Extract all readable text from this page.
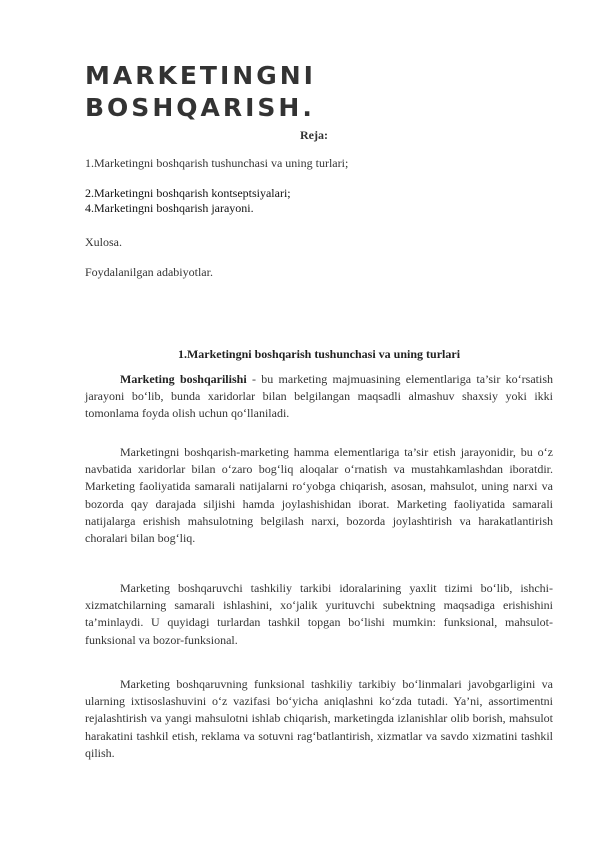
MARKETINGNI BOSHQARISH.
Reja:
1.Marketingni boshqarish tushunchasi va uning turlari;
2.Marketingni boshqarish kontseptsiyalari;
4.Marketingni boshqarish jarayoni.
Xulosa.
Foydalanilgan adabiyotlar.
1.Marketingni boshqarish tushunchasi va uning turlari

Marketing boshqarilishi - bu marketing majmuasining elementlariga ta’sir ko‘rsatish jarayoni bo‘lib, bunda xaridorlar bilan belgilangan maqsadli almashuv shaxsiy yoki ikki tomonlama foyda olish uchun qo‘llaniladi.

Marketingni boshqarish-marketing hamma elementlariga ta’sir etish jarayonidir, bu o‘z navbatida xaridorlar bilan o‘zaro bog‘liq aloqalar o‘rnatish va mustahkamlashdan iboratdir. Marketing faoliyatida samarali natijalarni ro‘yobga chiqarish, asosan, mahsulot, uning narxi va bozorda qay darajada siljishi hamda joylashishidan iborat. Marketing faoliyatida samarali natijalarga erishish mahsulotning belgilash narxi, bozorda joylashtirish va harakatlantirish choralari bilan bog‘liq.

Marketing boshqaruvchi tashkiliy tarkibi idoralarining yaxlit tizimi bo‘lib, ishchi-xizmatchilarning samarali ishlashini, xo‘jalik yurituvchi subektning maqsadiga erishishini ta’minlaydi. U quyidagi turlardan tashkil topgan bo‘lishi mumkin: funksional, mahsulot-funksional va bozor-funksional.

Marketing boshqaruvning funksional tashkiliy tarkibiy bo‘linmalari javobgarligini va ularning ixtisoslashuvini o‘z vazifasi bo‘yicha aniqlashni ko‘zda tutadi. Ya’ni, assortimentni rejalashtirish va yangi mahsulotni ishlab chiqarish, marketingda izlanishlar olib borish, mahsulot harakatini tashkil etish, reklama va sotuvni rag‘batlantirish, xizmatlar va savdo xizmatini tashkil qilish.
